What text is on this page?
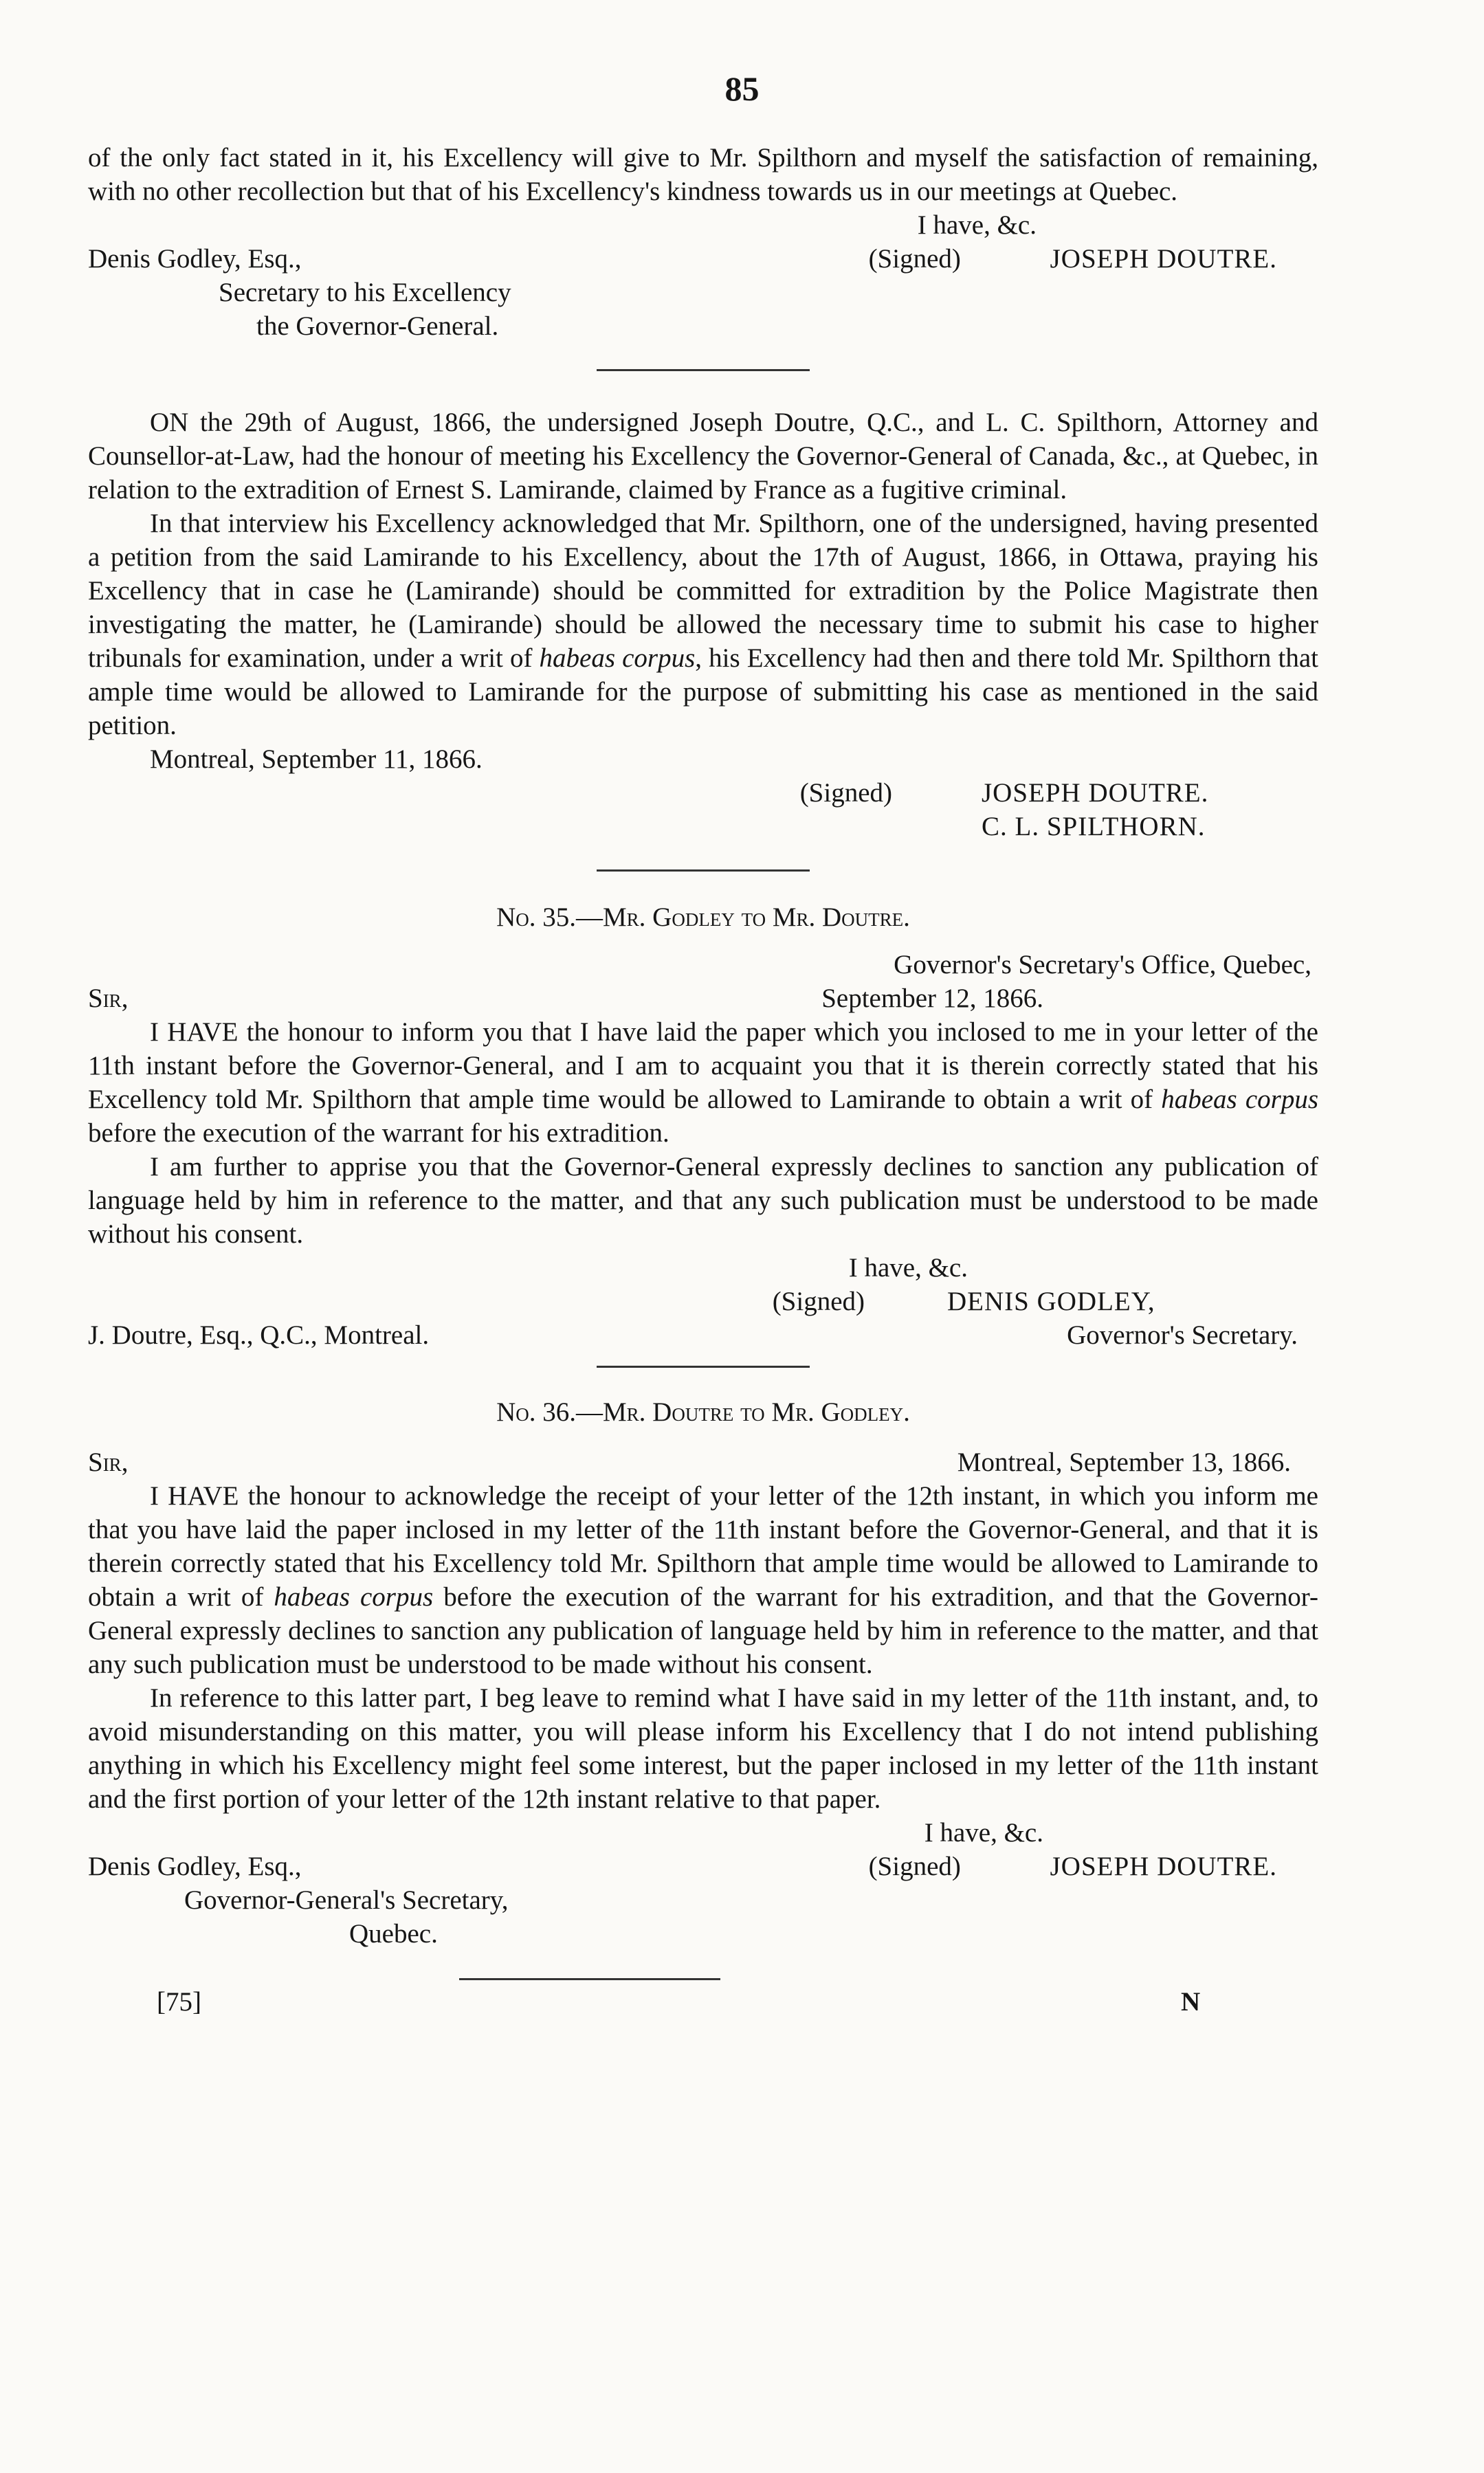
85

of the only fact stated in it, his Excellency will give to Mr. Spilthorn and myself the satisfaction of remaining, with no other recollection but that of his Excellency's kindness towards us in our meetings at Quebec.

I have, &c.
Denis Godley, Esq.,
Secretary to his Excellency
the Governor-General.
(Signed)	JOSEPH DOUTRE.

ON the 29th of August, 1866, the undersigned Joseph Doutre, Q.C., and L. C. Spilthorn, Attorney and Counsellor-at-Law, had the honour of meeting his Excellency the Governor-General of Canada, &c., at Quebec, in relation to the extradition of Ernest S. Lamirande, claimed by France as a fugitive criminal.

In that interview his Excellency acknowledged that Mr. Spilthorn, one of the undersigned, having presented a petition from the said Lamirande to his Excellency, about the 17th of August, 1866, in Ottawa, praying his Excellency that in case he (Lamirande) should be committed for extradition by the Police Magistrate then investigating the matter, he (Lamirande) should be allowed the necessary time to submit his case to higher tribunals for examination, under a writ of habeas corpus, his Excellency had then and there told Mr. Spilthorn that ample time would be allowed to Lamirande for the purpose of submitting his case as mentioned in the said petition.

Montreal, September 11, 1866.
(Signed)	JOSEPH DOUTRE.
C. L. SPILTHORN.
No. 35.—Mr. Godley to Mr. Doutre.
Governor's Secretary's Office, Quebec,
Sir,	September 12, 1866.

I HAVE the honour to inform you that I have laid the paper which you inclosed to me in your letter of the 11th instant before the Governor-General, and I am to acquaint you that it is therein correctly stated that his Excellency told Mr. Spilthorn that ample time would be allowed to Lamirande to obtain a writ of habeas corpus before the execution of the warrant for his extradition.

I am further to apprise you that the Governor-General expressly declines to sanction any publication of language held by him in reference to the matter, and that any such publication must be understood to be made without his consent.

I have, &c.
(Signed)	DENIS GODLEY,
J. Doutre, Esq., Q.C., Montreal.	Governor's Secretary.
No. 36.—Mr. Doutre to Mr. Godley.
Sir,	Montreal, September 13, 1866.

I HAVE the honour to acknowledge the receipt of your letter of the 12th instant, in which you inform me that you have laid the paper inclosed in my letter of the 11th instant before the Governor-General, and that it is therein correctly stated that his Excellency told Mr. Spilthorn that ample time would be allowed to Lamirande to obtain a writ of habeas corpus before the execution of the warrant for his extradition, and that the Governor-General expressly declines to sanction any publication of language held by him in reference to the matter, and that any such publication must be understood to be made without his consent.

In reference to this latter part, I beg leave to remind what I have said in my letter of the 11th instant, and, to avoid misunderstanding on this matter, you will please inform his Excellency that I do not intend publishing anything in which his Excellency might feel some interest, but the paper inclosed in my letter of the 11th instant and the first portion of your letter of the 12th instant relative to that paper.

I have, &c.
Denis Godley, Esq.,
Governor-General's Secretary,
Quebec.
(Signed)	JOSEPH DOUTRE.
[75]	N
